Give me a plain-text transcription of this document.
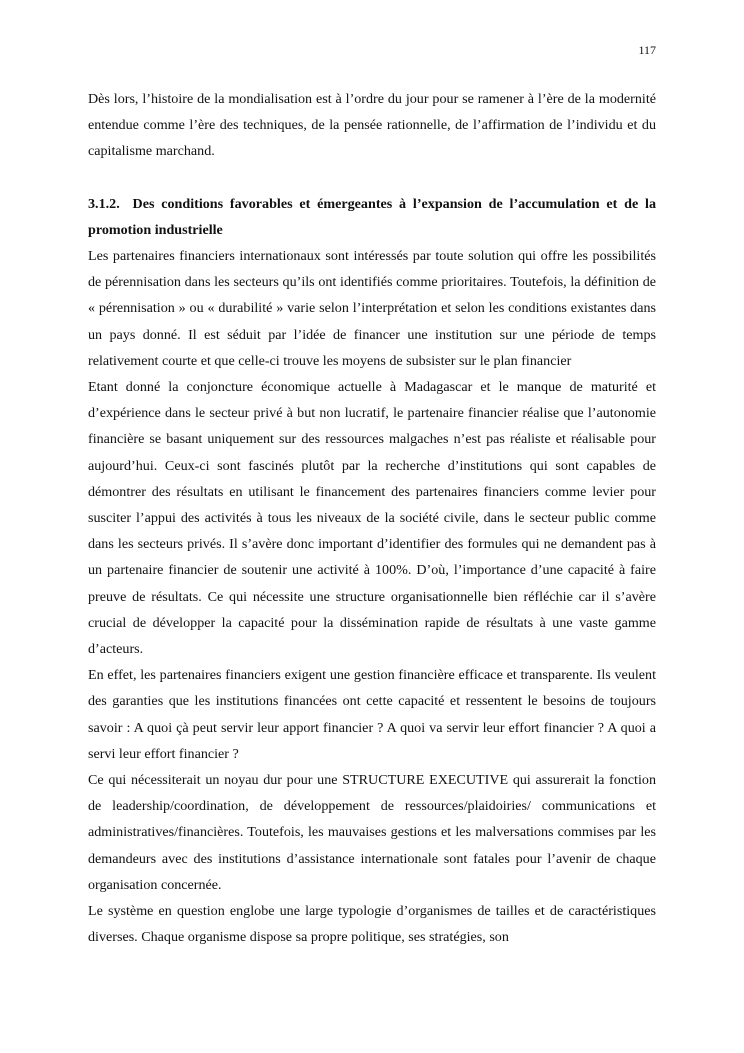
117

Dès lors, l’histoire de la mondialisation est à l’ordre du jour pour se ramener à l’ère de la modernité entendue comme l’ère des techniques, de la pensée rationnelle, de l’affirmation de l’individu et du capitalisme marchand.

3.1.2. Des conditions favorables et émergeantes à l’expansion de l’accumulation et de la promotion industrielle

Les partenaires financiers internationaux sont intéressés par toute solution qui offre les possibilités de pérennisation dans les secteurs qu’ils ont identifiés comme prioritaires. Toutefois, la définition de « pérennisation » ou « durabilité » varie selon l’interprétation et selon les conditions existantes dans un pays donné. Il est séduit par l’idée de financer une institution sur une période de temps relativement courte et que celle-ci trouve les moyens de subsister sur le plan financier

Etant donné la conjoncture économique actuelle à Madagascar et le manque de maturité et d’expérience dans le secteur privé à but non lucratif, le partenaire financier réalise que l’autonomie financière se basant uniquement sur des ressources malgaches n’est pas réaliste et réalisable pour aujourd’hui. Ceux-ci sont fascinés plutôt par la recherche d’institutions qui sont capables de démontrer des résultats en utilisant le financement des partenaires financiers comme levier pour susciter l’appui des activités à tous les niveaux de la société civile, dans le secteur public comme dans les secteurs privés. Il s’avère donc important d’identifier des formules qui ne demandent pas à un partenaire financier de soutenir une activité à 100%. D’où, l’importance d’une capacité à faire preuve de résultats. Ce qui nécessite une structure organisationnelle bien réfléchie car il s’avère crucial de développer la capacité pour la dissémination rapide de résultats à une vaste gamme d’acteurs.

En effet, les partenaires financiers exigent une gestion financière efficace et transparente. Ils veulent des garanties que les institutions financées ont cette capacité et ressentent le besoins de toujours savoir : A quoi çà peut servir leur apport financier ? A quoi va servir leur effort financier ? A quoi a servi leur effort financier ?

Ce qui nécessiterait un noyau dur pour une STRUCTURE EXECUTIVE qui assurerait la fonction de leadership/coordination, de développement de ressources/plaidoiries/ communications et administratives/financières. Toutefois, les mauvaises gestions et les malversations commises par les demandeurs avec des institutions d’assistance internationale sont fatales pour l’avenir de chaque organisation concernée.

Le système en question englobe une large typologie d’organismes de tailles et de caractéristiques diverses. Chaque organisme dispose sa propre politique, ses stratégies, son
